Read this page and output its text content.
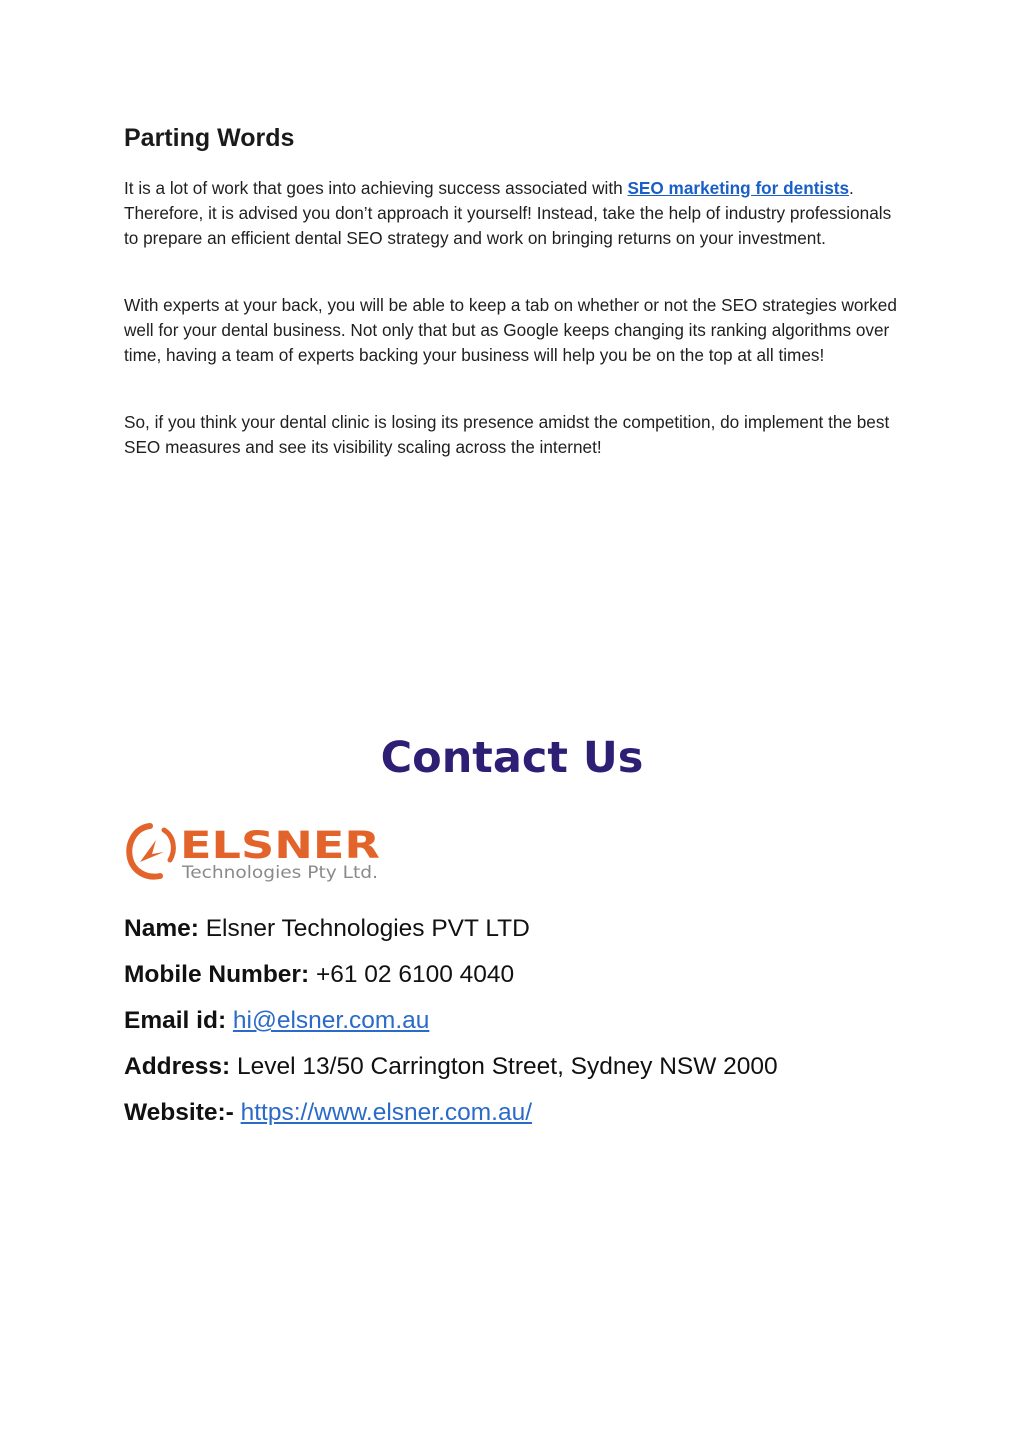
Parting Words

It is a lot of work that goes into achieving success associated with SEO marketing for dentists. Therefore, it is advised you don’t approach it yourself! Instead, take the help of industry professionals to prepare an efficient dental SEO strategy and work on bringing returns on your investment.

With experts at your back, you will be able to keep a tab on whether or not the SEO strategies worked well for your dental business. Not only that but as Google keeps changing its ranking algorithms over time, having a team of experts backing your business will help you be on the top at all times!

So, if you think your dental clinic is losing its presence amidst the competition, do implement the best SEO measures and see its visibility scaling across the internet!

Contact Us
ELSNER
Technologies Pty Ltd.

Name: Elsner Technologies PVT LTD

Mobile Number: +61 02 6100 4040

Email id: hi@elsner.com.au

Address: Level 13/50 Carrington Street, Sydney NSW 2000

Website:- https://www.elsner.com.au/
